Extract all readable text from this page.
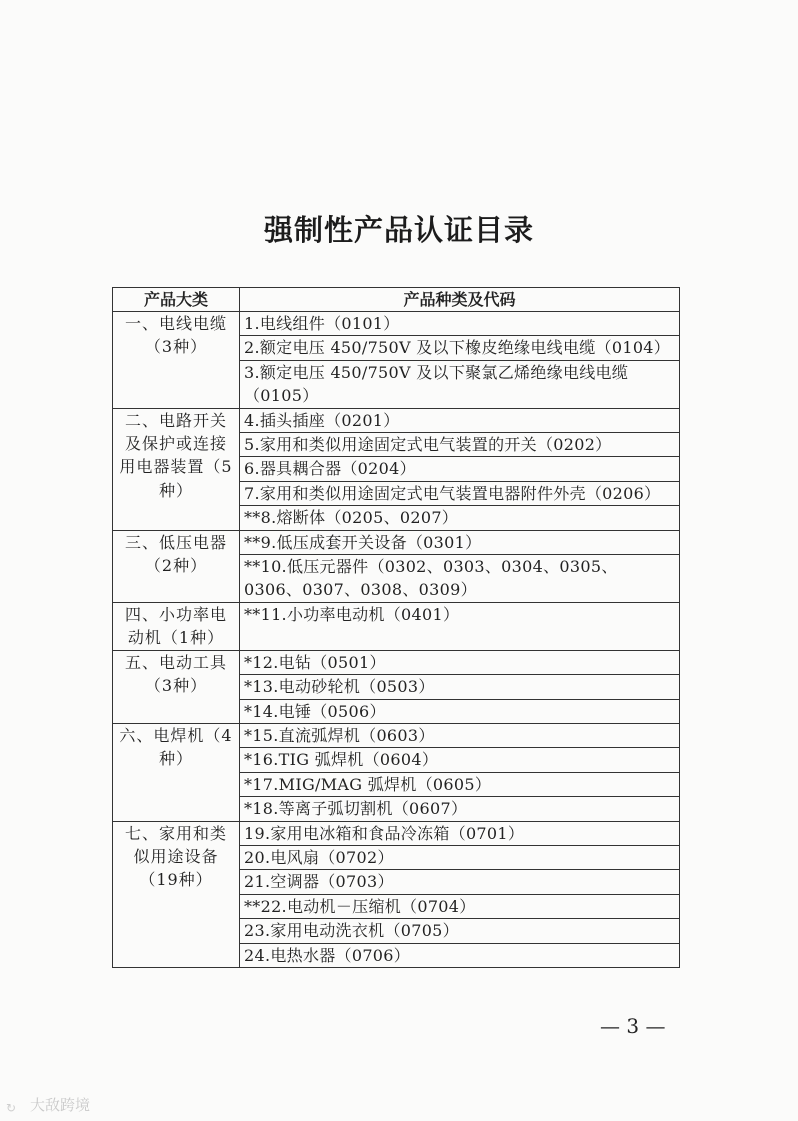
强制性产品认证目录
产品大类	产品种类及代码
一、电线电缆（3种）	1.电线组件（0101）
	2.额定电压 450/750V 及以下橡皮绝缘电线电缆（0104）
	3.额定电压 450/750V 及以下聚氯乙烯绝缘电线电缆（0105）
二、电路开关及保护或连接用电器装置（5种）	4.插头插座（0201）
	5.家用和类似用途固定式电气装置的开关（0202）
	6.器具耦合器（0204）
	7.家用和类似用途固定式电气装置电器附件外壳（0206）
	**8.熔断体（0205、0207）
三、低压电器（2种）	**9.低压成套开关设备（0301）
	**10.低压元器件（0302、0303、0304、0305、0306、0307、0308、0309）
四、小功率电动机（1种）	**11.小功率电动机（0401）
五、电动工具（3种）	*12.电钻（0501）
	*13.电动砂轮机（0503）
	*14.电锤（0506）
六、电焊机（4种）	*15.直流弧焊机（0603）
	*16.TIG 弧焊机（0604）
	*17.MIG/MAG 弧焊机（0605）
	*18.等离子弧切割机（0607）
七、家用和类似用途设备（19种）	19.家用电冰箱和食品冷冻箱（0701）
	20.电风扇（0702）
	21.空调器（0703）
	**22.电动机－压缩机（0704）
	23.家用电动洗衣机（0705）
	24.电热水器（0706）
— 3 —
↻ 大敌跨境
